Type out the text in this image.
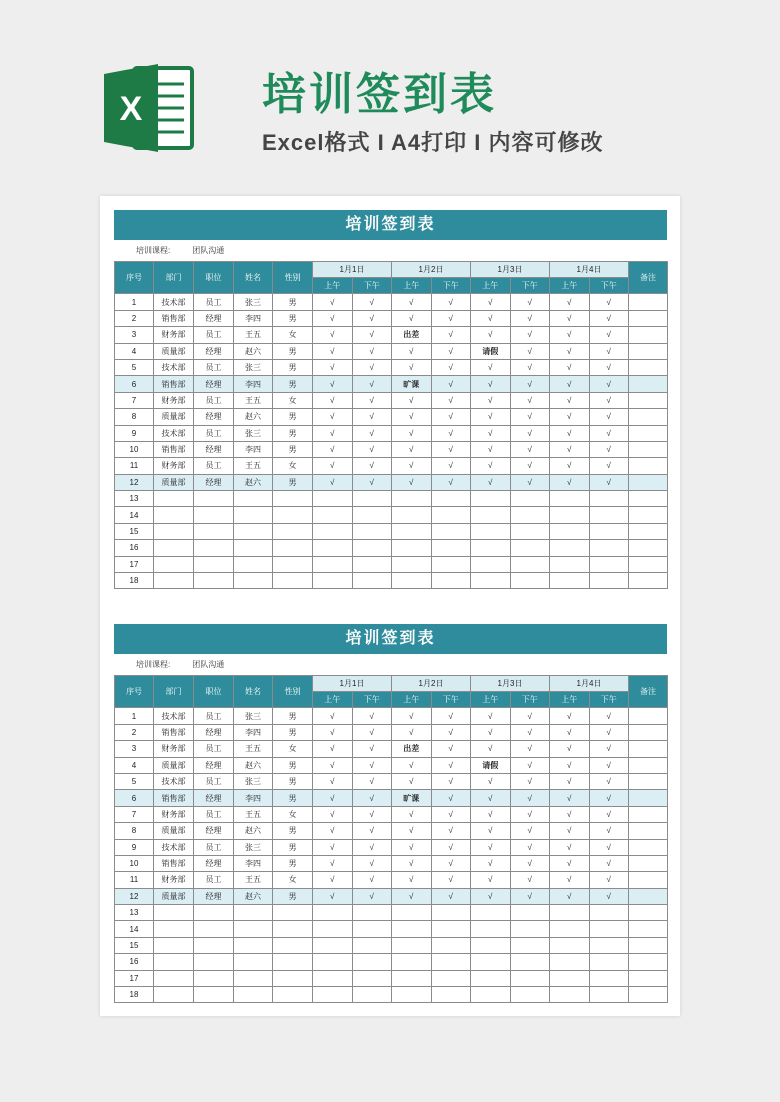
X	培训签到表
Excel格式 I A4打印 I 内容可修改
培训签到表
培训课程:	团队沟通
序号	部门	职位	姓名	性别	1月1日		1月2日		1月3日		1月4日		备注
					上午	下午	上午	下午	上午	下午	上午	下午	
1	技术部	员工	张三	男	√	√	√	√	√	√	√	√	
2	销售部	经理	李四	男	√	√	√	√	√	√	√	√	
3	财务部	员工	王五	女	√	√	出差	√	√	√	√	√	
4	质量部	经理	赵六	男	√	√	√	√	请假	√	√	√	
5	技术部	员工	张三	男	√	√	√	√	√	√	√	√	
6	销售部	经理	李四	男	√	√	旷课	√	√	√	√	√	
7	财务部	员工	王五	女	√	√	√	√	√	√	√	√	
8	质量部	经理	赵六	男	√	√	√	√	√	√	√	√	
9	技术部	员工	张三	男	√	√	√	√	√	√	√	√	
10	销售部	经理	李四	男	√	√	√	√	√	√	√	√	
11	财务部	员工	王五	女	√	√	√	√	√	√	√	√	
12	质量部	经理	赵六	男	√	√	√	√	√	√	√	√	
13													
14													
15													
16													
17													
18													
培训签到表
培训课程:	团队沟通
序号	部门	职位	姓名	性别	1月1日		1月2日		1月3日		1月4日		备注
					上午	下午	上午	下午	上午	下午	上午	下午	
1	技术部	员工	张三	男	√	√	√	√	√	√	√	√	
2	销售部	经理	李四	男	√	√	√	√	√	√	√	√	
3	财务部	员工	王五	女	√	√	出差	√	√	√	√	√	
4	质量部	经理	赵六	男	√	√	√	√	请假	√	√	√	
5	技术部	员工	张三	男	√	√	√	√	√	√	√	√	
6	销售部	经理	李四	男	√	√	旷课	√	√	√	√	√	
7	财务部	员工	王五	女	√	√	√	√	√	√	√	√	
8	质量部	经理	赵六	男	√	√	√	√	√	√	√	√	
9	技术部	员工	张三	男	√	√	√	√	√	√	√	√	
10	销售部	经理	李四	男	√	√	√	√	√	√	√	√	
11	财务部	员工	王五	女	√	√	√	√	√	√	√	√	
12	质量部	经理	赵六	男	√	√	√	√	√	√	√	√	
13													
14													
15													
16													
17													
18													
